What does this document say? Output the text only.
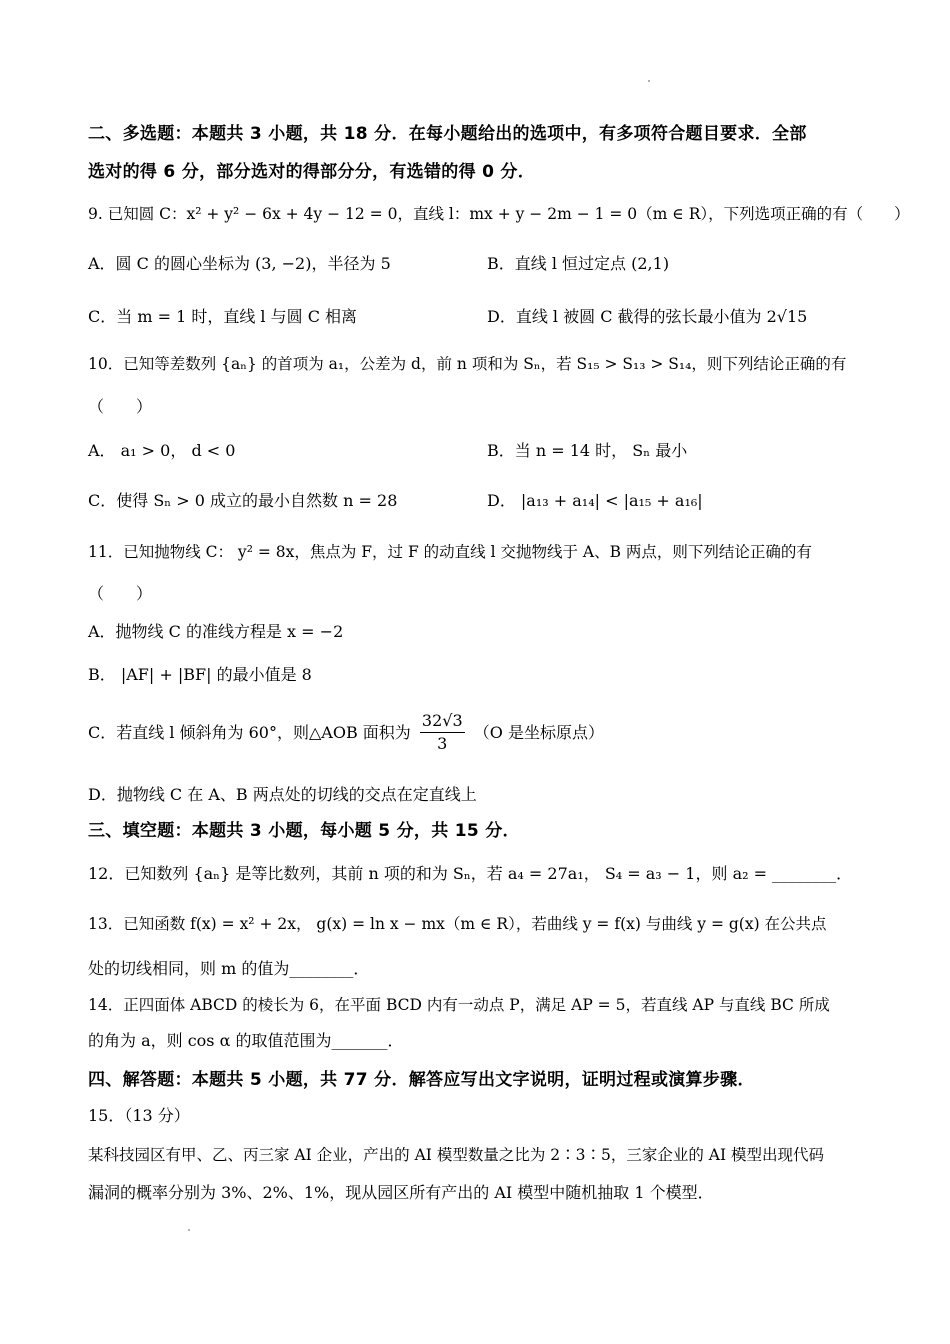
二、多选题：本题共 3 小题，共 18 分．在每小题给出的选项中，有多项符合题目要求．全部
选对的得 6 分，部分选对的得部分分，有选错的得 0 分．
9. 已知圆 C：x² + y² − 6x + 4y − 12 = 0，直线 l：mx + y − 2m − 1 = 0（m ∈ R），下列选项正确的有（　　）
A．圆 C 的圆心坐标为 (3, −2)，半径为 5	B．直线 l 恒过定点 (2,1)
C．当 m = 1 时，直线 l 与圆 C 相离	D．直线 l 被圆 C 截得的弦长最小值为 2√15
10．已知等差数列 {aₙ} 的首项为 a₁，公差为 d，前 n 项和为 Sₙ，若 S₁₅ > S₁₃ > S₁₄，则下列结论正确的有
（　　）
A． a₁ > 0， d < 0	B．当 n = 14 时， Sₙ 最小
C．使得 Sₙ > 0 成立的最小自然数 n = 28	D． |a₁₃ + a₁₄| < |a₁₅ + a₁₆|
11．已知抛物线 C： y² = 8x，焦点为 F，过 F 的动直线 l 交抛物线于 A、B 两点，则下列结论正确的有
（　　）
A．抛物线 C 的准线方程是 x = −2
B． |AF| + |BF| 的最小值是 8
C．若直线 l 倾斜角为 60°，则△AOB 面积为 $\frac{32√3}{3} (O$ 是坐标原点）
D．抛物线 C 在 A、B 两点处的切线的交点在定直线上
三、填空题：本题共 3 小题，每小题 5 分，共 15 分．
12．已知数列 {aₙ} 是等比数列，其前 n 项的和为 Sₙ，若 a₄ = 27a₁， S₄ = a₃ − 1，则 a₂ = ________．
13．已知函数 f(x) = x² + 2x， g(x) = ln x − mx（m ∈ R），若曲线 y = f(x) 与曲线 y = g(x) 在公共点
处的切线相同，则 m 的值为________．
14．正四面体 ABCD 的棱长为 6，在平面 BCD 内有一动点 P，满足 AP = 5，若直线 AP 与直线 BC 所成
的角为 a，则 cos α 的取值范围为_______．
四、解答题：本题共 5 小题，共 77 分．解答应写出文字说明，证明过程或演算步骤．
15．（13 分）
某科技园区有甲、乙、丙三家 AI 企业，产出的 AI 模型数量之比为 2∶3∶5，三家企业的 AI 模型出现代码
漏洞的概率分别为 3%、2%、1%，现从园区所有产出的 AI 模型中随机抽取 1 个模型．
